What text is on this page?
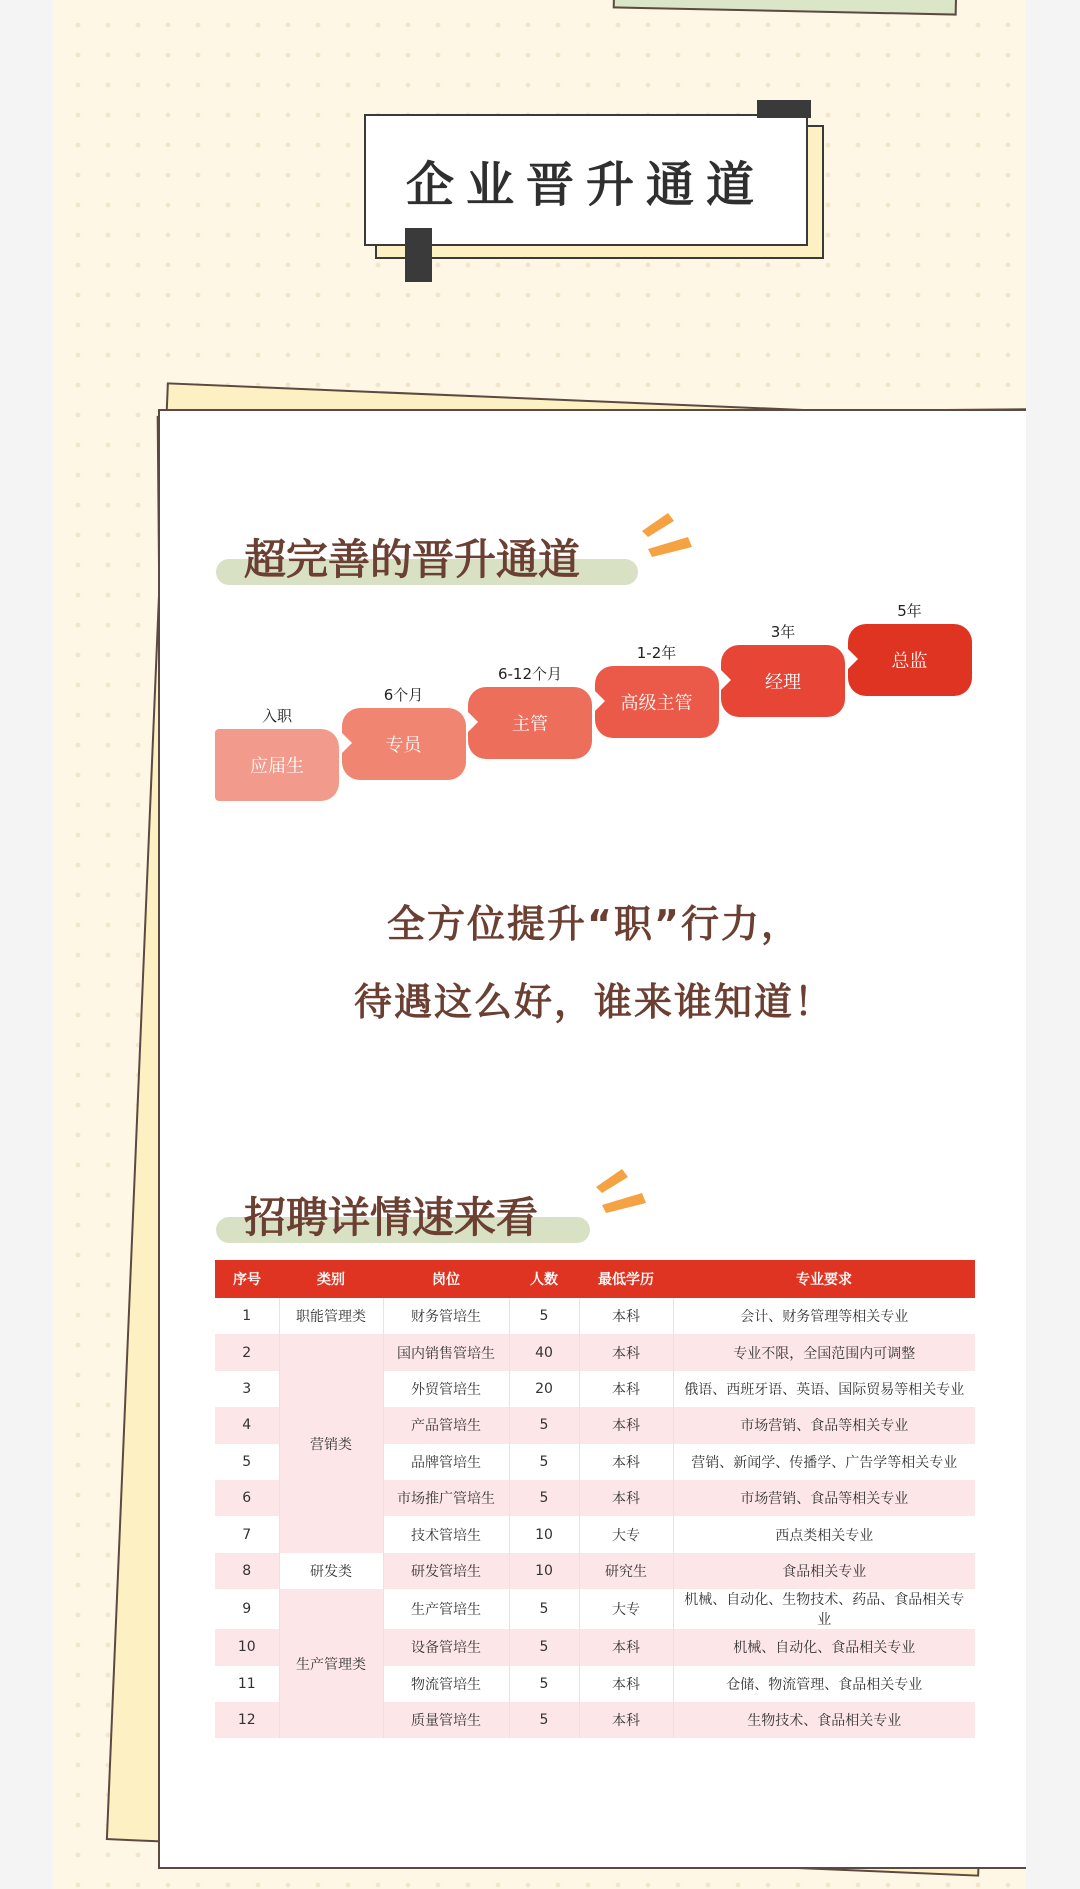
企业晋升通道
超完善的晋升通道
入职
应届生
6个月
专员
6-12个月
主管
1-2年
高级主管
3年
经理
5年
总监
全方位提升“职”行力，
待遇这么好，谁来谁知道！
招聘详情速来看
序号	类别	岗位	人数	最低学历	专业要求
1	职能管理类	财务管培生	5	本科	会计、财务管理等相关专业
2	营销类	国内销售管培生	40	本科	专业不限，全国范围内可调整
3		外贸管培生	20	本科	俄语、西班牙语、英语、国际贸易等相关专业
4		产品管培生	5	本科	市场营销、食品等相关专业
5		品牌管培生	5	本科	营销、新闻学、传播学、广告学等相关专业
6		市场推广管培生	5	本科	市场营销、食品等相关专业
7		技术管培生	10	大专	西点类相关专业
8	研发类	研发管培生	10	研究生	食品相关专业
9	生产管理类	生产管培生	5	大专	机械、自动化、生物技术、药品、食品相关专业
10		设备管培生	5	本科	机械、自动化、食品相关专业
11		物流管培生	5	本科	仓储、物流管理、食品相关专业
12		质量管培生	5	本科	生物技术、食品相关专业
